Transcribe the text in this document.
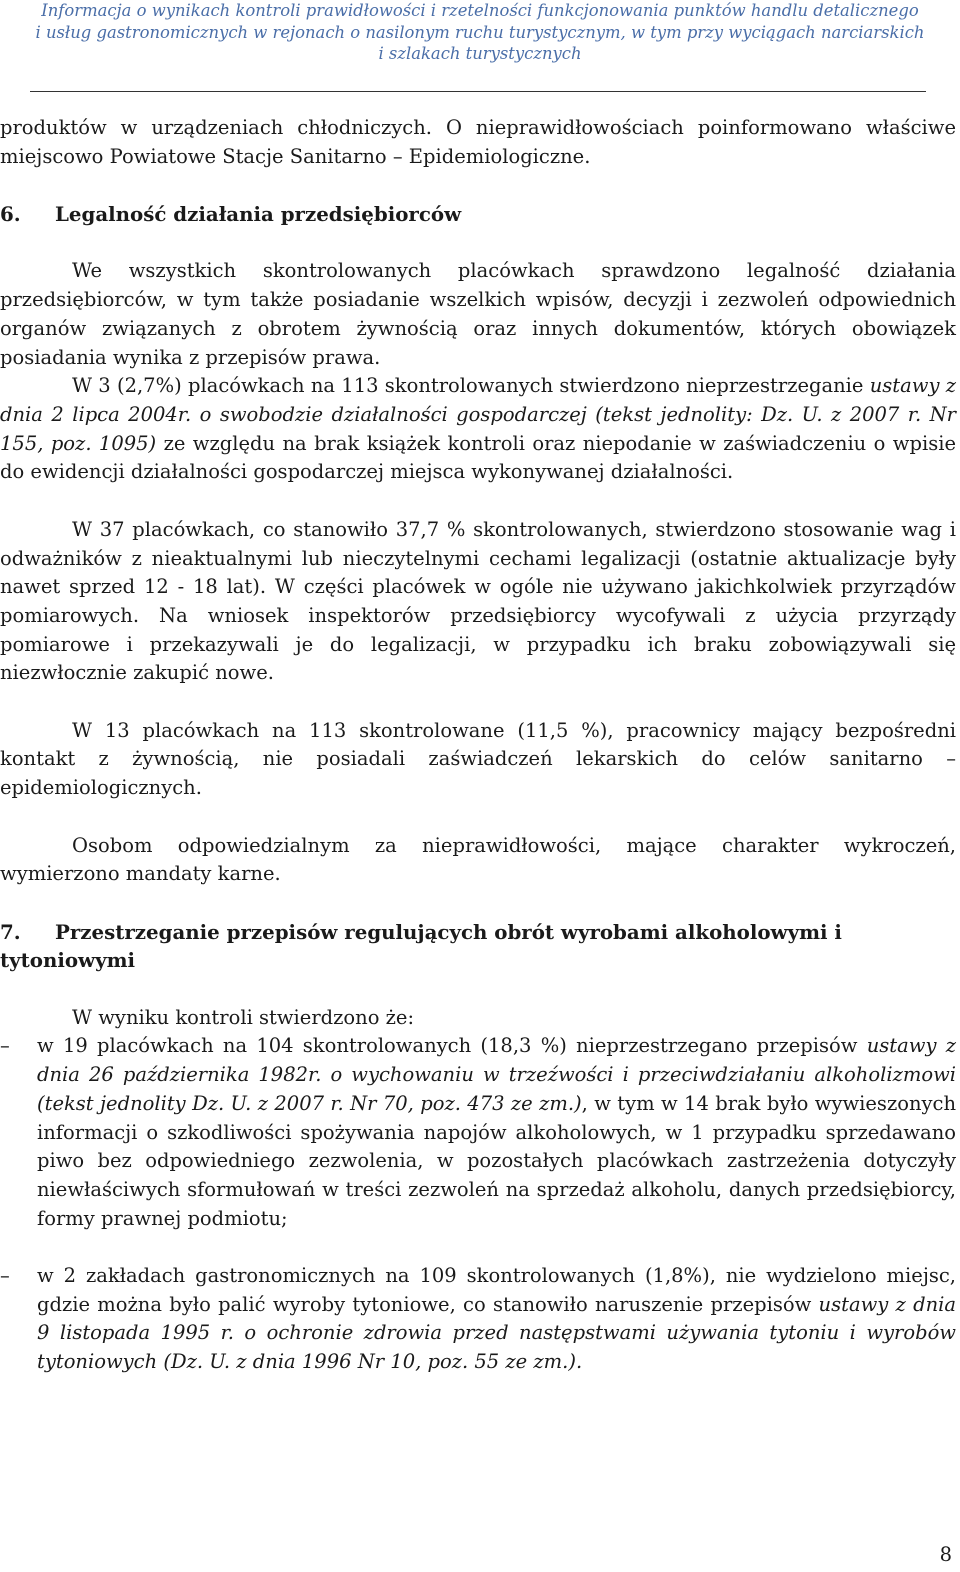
Informacja o wynikach kontroli prawidłowości i rzetelności funkcjonowania punktów handlu detalicznego
i usług gastronomicznych w rejonach o nasilonym ruchu turystycznym, w tym przy wyciągach narciarskich
i szlakach turystycznych

produktów w urządzeniach chłodniczych. O nieprawidłowościach poinformowano właściwe miejscowo Powiatowe Stacje Sanitarno – Epidemiologiczne.

6. Legalność działania przedsiębiorców

We wszystkich skontrolowanych placówkach sprawdzono legalność działania przedsiębiorców, w tym także posiadanie wszelkich wpisów, decyzji i zezwoleń odpowiednich organów związanych z obrotem żywnością oraz innych dokumentów, których obowiązek posiadania wynika z przepisów prawa.

W 3 (2,7%) placówkach na 113 skontrolowanych stwierdzono nieprzestrzeganie ustawy z dnia 2 lipca 2004r. o swobodzie działalności gospodarczej (tekst jednolity: Dz. U. z 2007 r. Nr 155, poz. 1095) ze względu na brak książek kontroli oraz niepodanie w zaświadczeniu o wpisie do ewidencji działalności gospodarczej miejsca wykonywanej działalności.

W 37 placówkach, co stanowiło 37,7 % skontrolowanych, stwierdzono stosowanie wag i odważników z nieaktualnymi lub nieczytelnymi cechami legalizacji (ostatnie aktualizacje były nawet sprzed 12 - 18 lat). W części placówek w ogóle nie używano jakichkolwiek przyrządów pomiarowych. Na wniosek inspektorów przedsiębiorcy wycofywali z użycia przyrządy pomiarowe i przekazywali je do legalizacji, w przypadku ich braku zobowiązywali się niezwłocznie zakupić nowe.

W 13 placówkach na 113 skontrolowane (11,5 %), pracownicy mający bezpośredni kontakt z żywnością, nie posiadali zaświadczeń lekarskich do celów sanitarno – epidemiologicznych.

Osobom odpowiedzialnym za nieprawidłowości, mające charakter wykroczeń, wymierzono mandaty karne.

7. Przestrzeganie przepisów regulujących obrót wyrobami alkoholowymi i tytoniowymi

W wyniku kontroli stwierdzono że:

– w 19 placówkach na 104 skontrolowanych (18,3 %) nieprzestrzegano przepisów ustawy z dnia 26 października 1982r. o wychowaniu w trzeźwości i przeciwdziałaniu alkoholizmowi (tekst jednolity Dz. U. z 2007 r. Nr 70, poz. 473 ze zm.), w tym w 14 brak było wywieszonych informacji o szkodliwości spożywania napojów alkoholowych, w 1 przypadku sprzedawano piwo bez odpowiedniego zezwolenia, w pozostałych placówkach zastrzeżenia dotyczyły niewłaściwych sformułowań w treści zezwoleń na sprzedaż alkoholu, danych przedsiębiorcy, formy prawnej podmiotu;

– w 2 zakładach gastronomicznych na 109 skontrolowanych (1,8%), nie wydzielono miejsc, gdzie można było palić wyroby tytoniowe, co stanowiło naruszenie przepisów ustawy z dnia 9 listopada 1995 r. o ochronie zdrowia przed następstwami używania tytoniu i wyrobów tytoniowych (Dz. U. z dnia 1996 Nr 10, poz. 55 ze zm.).

8
